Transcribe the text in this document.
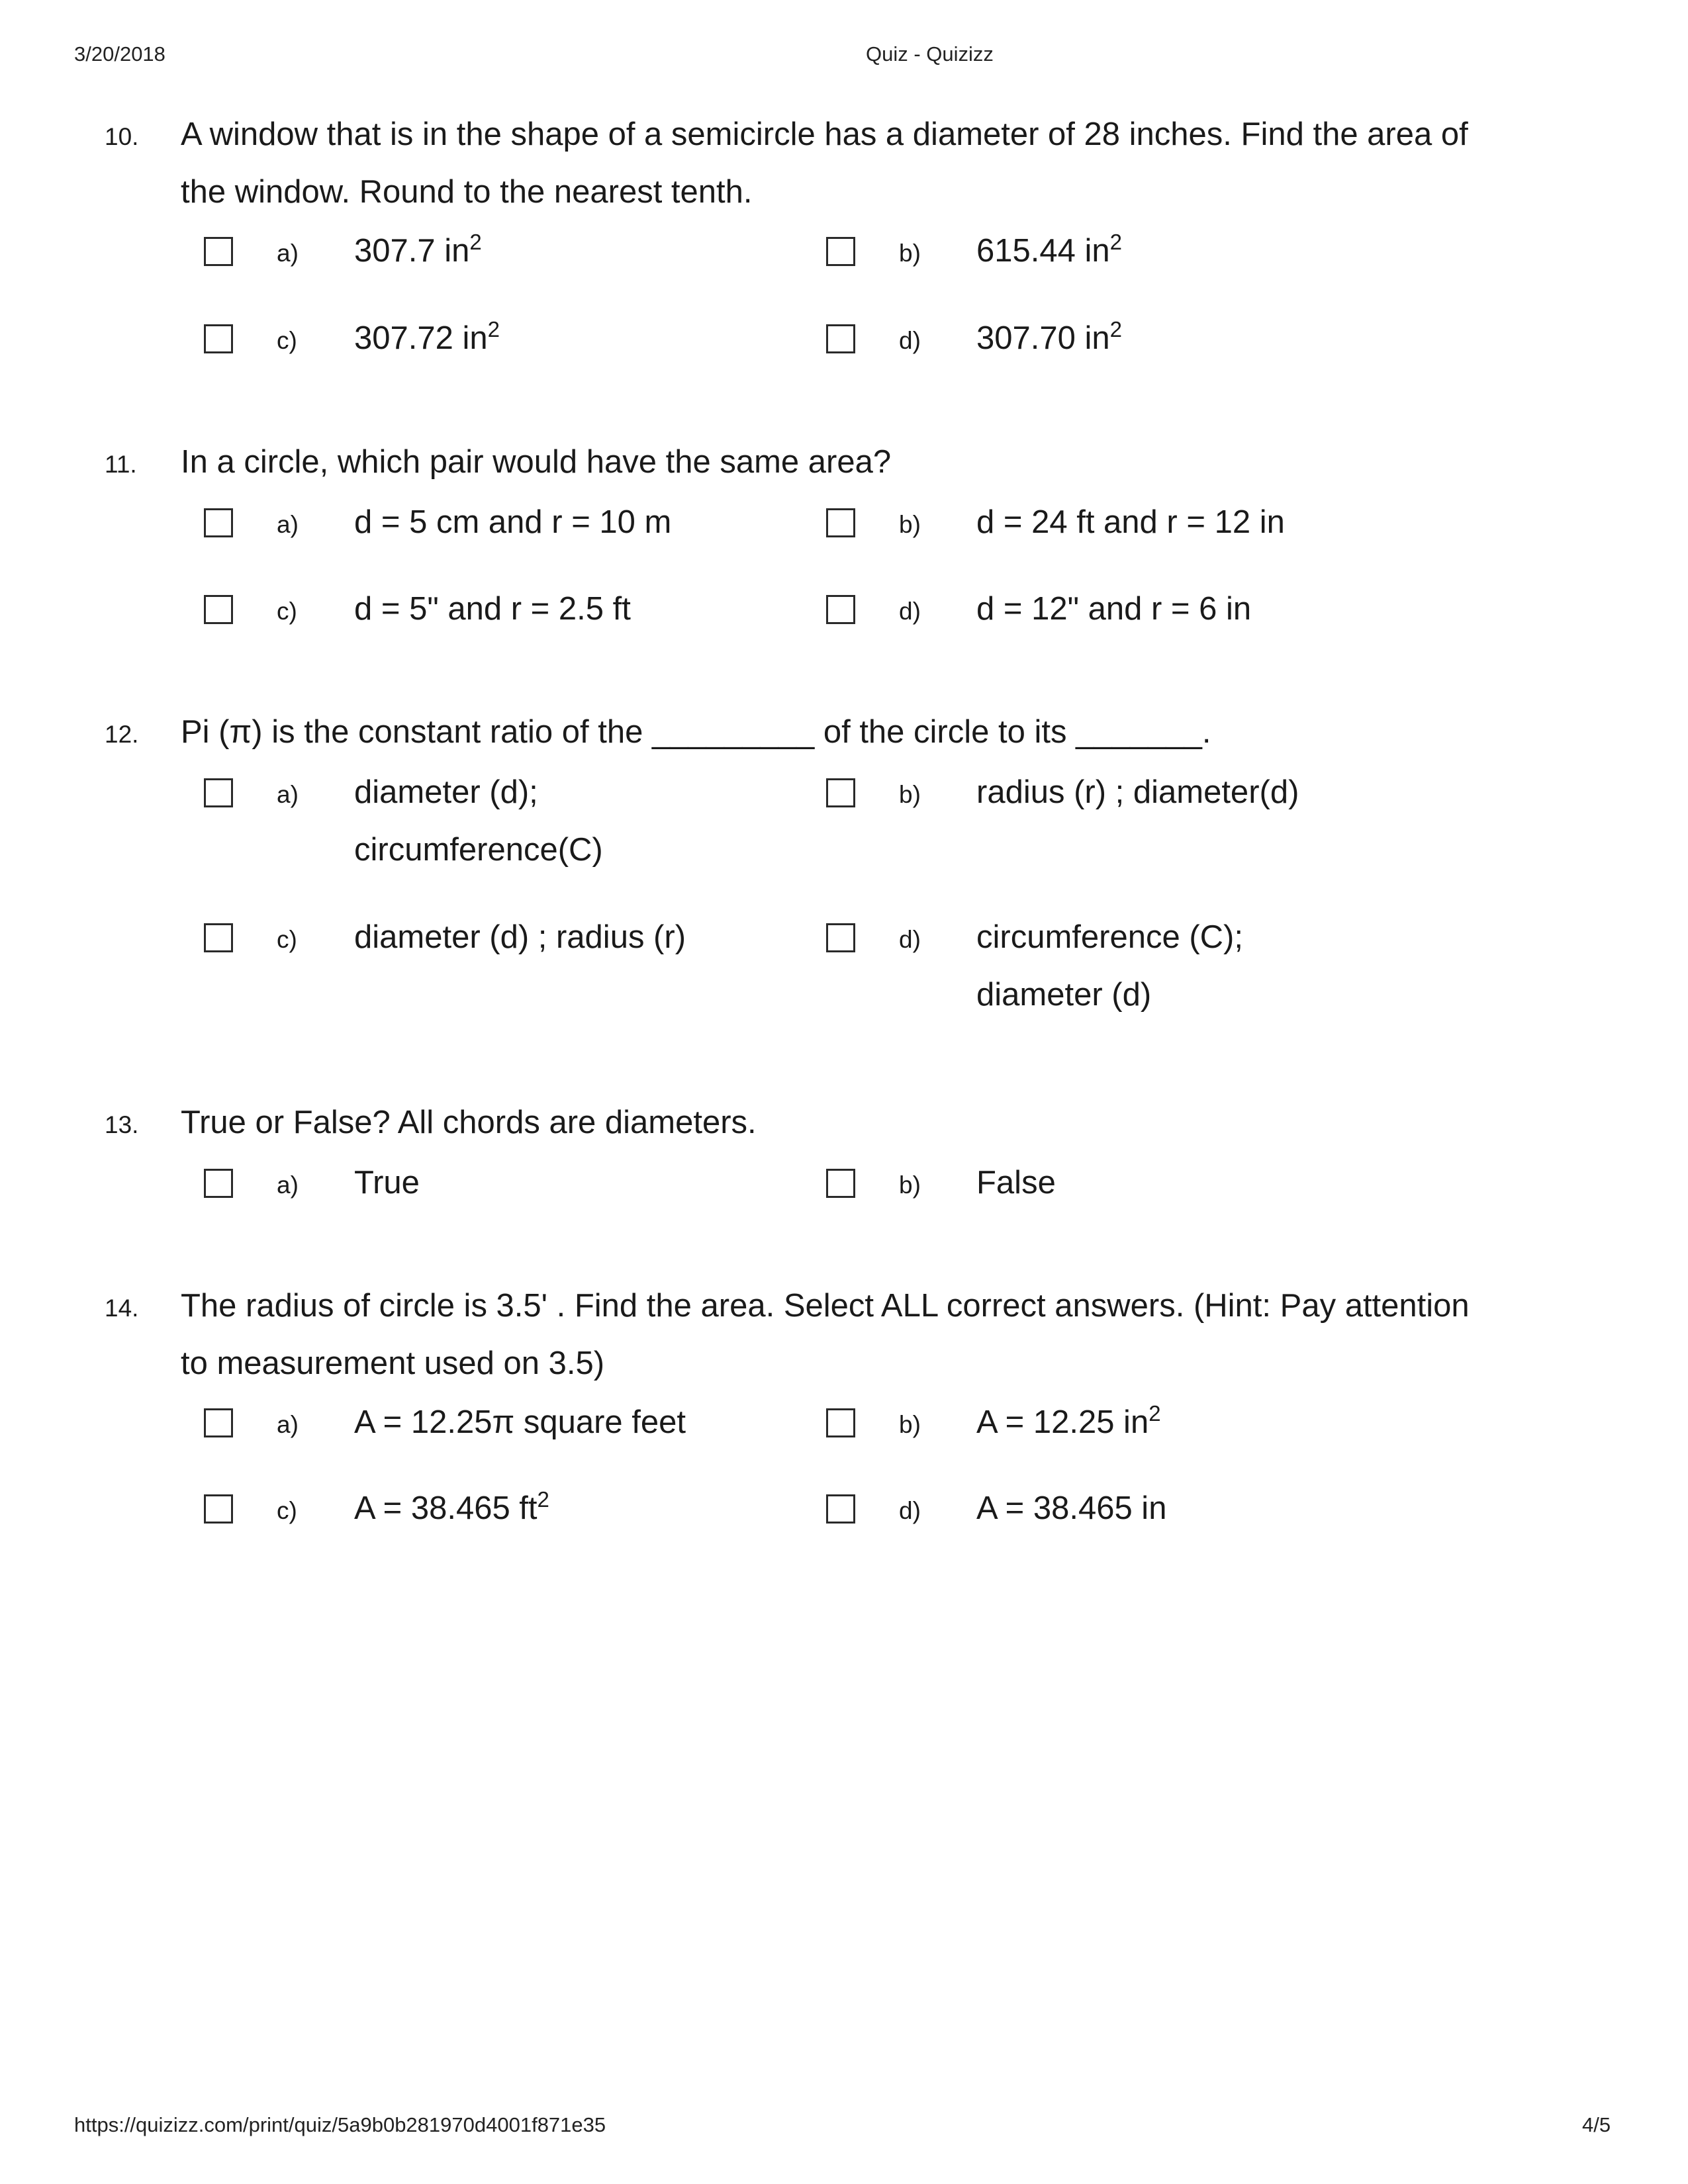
3/20/2018	Quiz - Quizizz
10. A window that is in the shape of a semicircle has a diameter of 28 inches. Find the area of the window. Round to the nearest tenth.
a) 307.7 $in^2$	b) 615.44 $in^2$
c) 307.72 $in^2$	d) 307.70 $in^2$
11. In a circle, which pair would have the same area?
a) d = 5 cm and r = 10 m	b) d = 24 ft and r = 12 in
c) d = 5" and r = 2.5 ft	d) d = 12" and r = 6 in
12. Pi (π) is the constant ratio of the _________ of the circle to its _______.
a) diameter (d); circumference(C)
b) radius (r) ; diameter(d)
c) diameter (d) ; radius (r)	d) circumference (C); diameter (d)
13. True or False? All chords are diameters.
a) True	b) False
14. The radius of circle is 3.5' . Find the area. Select ALL correct answers. (Hint: Pay attention to measurement used on 3.5)
a) A = 12.25π square feet	b) A = 12.25 $in^2$
c) A = 38.465 $ft^2$	d) A = 38.465 in
https://quizizz.com/print/quiz/5a9b0b281970d4001f871e35	4/5
